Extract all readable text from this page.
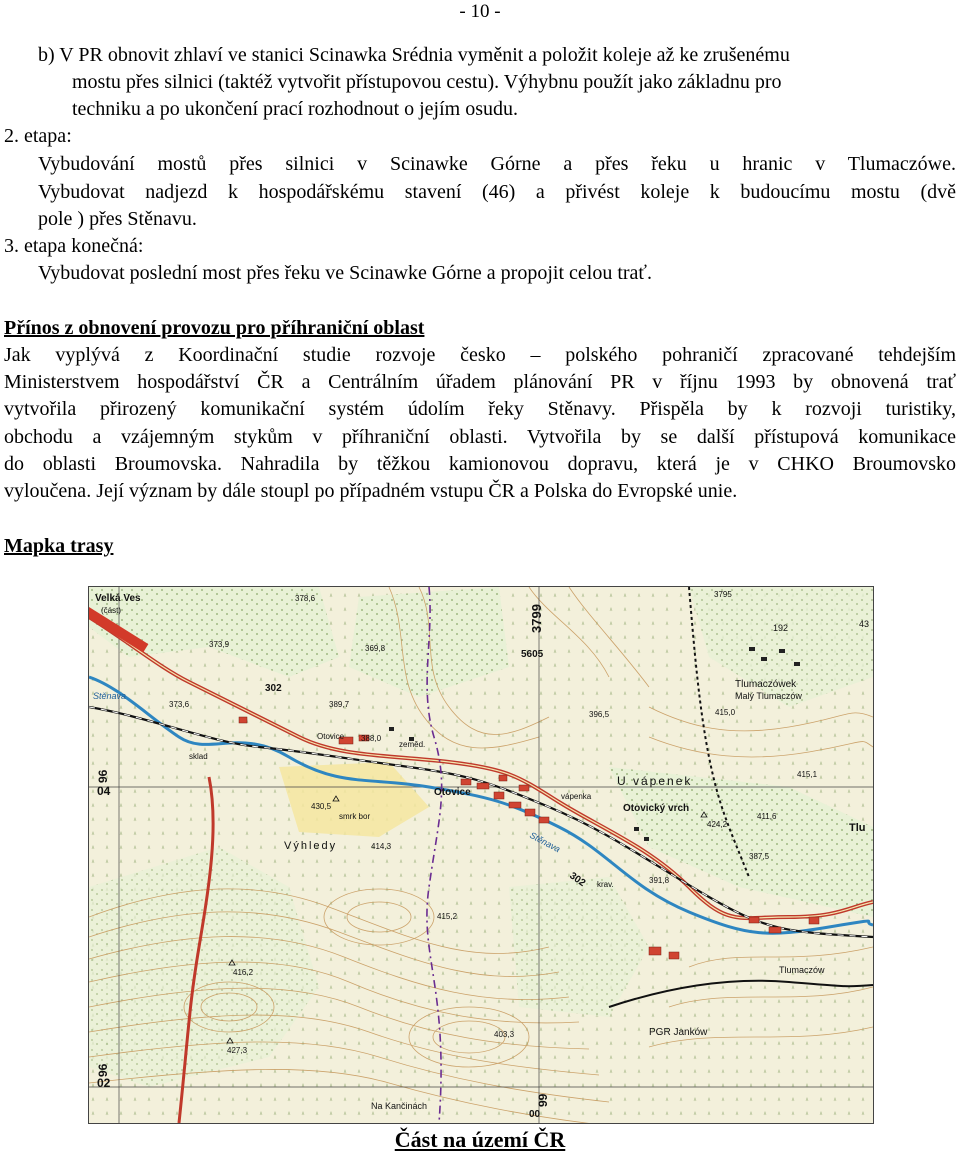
- 10 -
b) V PR obnovit zhlaví ve stanici Scinawka Srédnia vyměnit a položit koleje až ke zrušenému
mostu přes silnici (taktéž vytvořit přístupovou cestu). Výhybnu použít jako základnu pro
techniku a po ukončení prací rozhodnout o jejím osudu.
2. etapa:
Vybudování mostů přes silnici v Scinawke Górne a přes řeku u hranic v Tlumaczówe.
Vybudovat nadjezd k hospodářskému stavení (46) a přivést koleje k budoucímu mostu (dvě
pole ) přes Stěnavu.
3. etapa konečná:
Vybudovat poslední most přes řeku ve Scinawke Górne a propojit celou trať.
Přínos z obnovení provozu pro příhraniční oblast
Jak vyplývá z Koordinační studie rozvoje česko – polského pohraničí zpracované tehdejším
Ministerstvem hospodářství ČR a Centrálním úřadem plánování PR v říjnu 1993 by obnovená trať
vytvořila přirozený komunikační systém údolím řeky Stěnavy. Přispěla by k rozvoji turistiky,
obchodu a vzájemným stykům v příhraniční oblasti. Vytvořila by se další přístupová komunikace
do oblasti Broumovska. Nahradila by těžkou kamionovou dopravu, která je v CHKO Broumovsko
vyloučena. Její význam by dále stoupl po případném vstupu ČR a Polska do Evropské unie.
Mapka trasy
Velká Ves
(část)
Stěnava
Stěnava
Otovice
Otovice
U vápenek
Otovický vrch
Tlumaczówek
Malý Tlumaczów
Výhledy
vápenka
Tlumaczów
PGR Janków
Na Kančinách
smrk bor
zeměd.
sklad
krav.
Tlu
3799
5605
302
302
96
04
96
02
99
00
378,6
373,6
373,9
388,0
389,7
369,8
430,5
414,3
415,2
416,2
427,3
403,3
424,2
415,1
411,6
415,0
396,5
391,8
387,5
3795
192	43
Část na území ČR
